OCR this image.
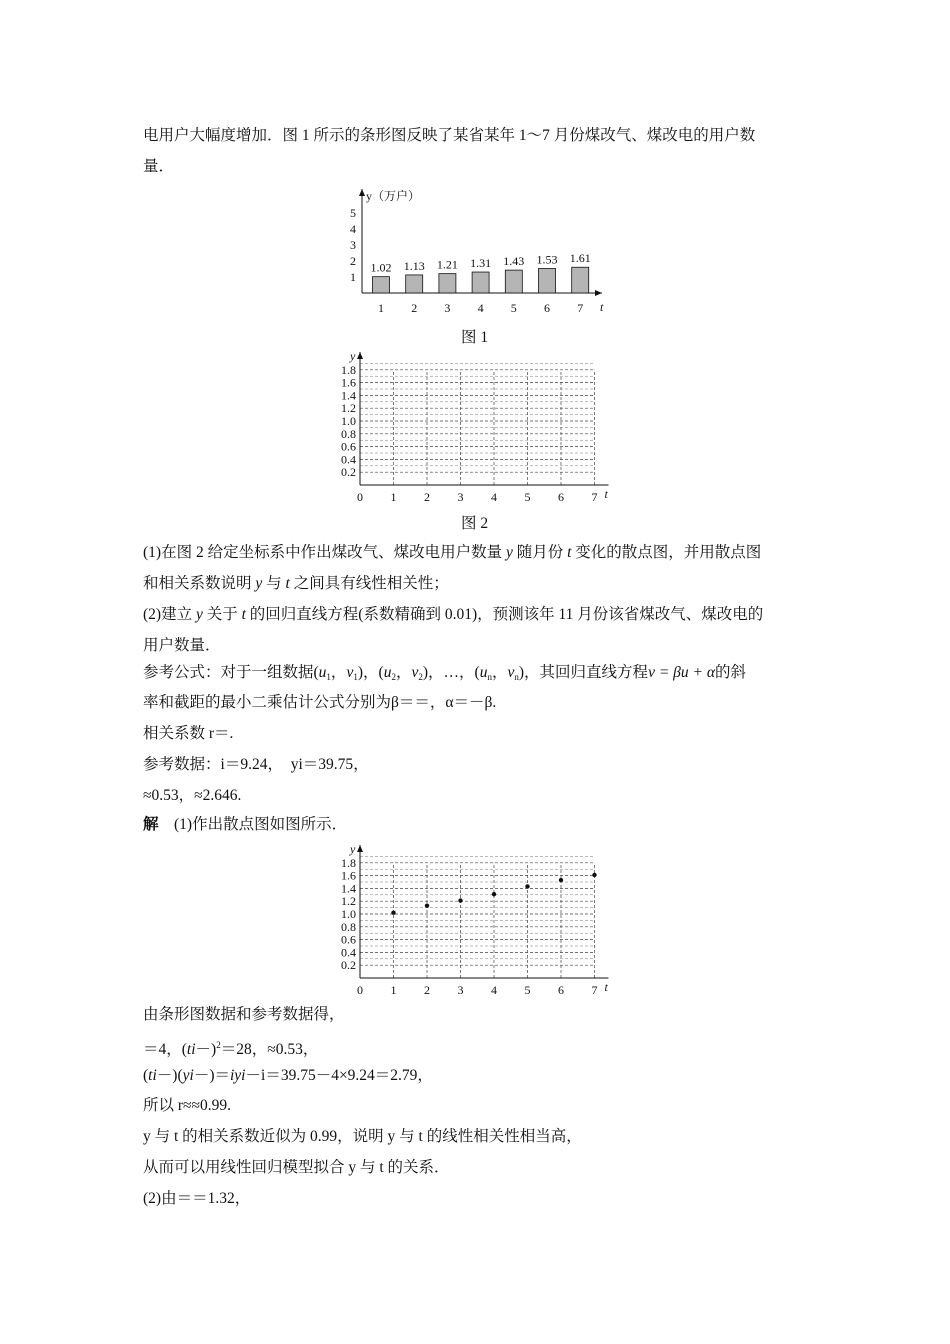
电用户大幅度增加．图 1 所示的条形图反映了某省某年 1～7 月份煤改气、煤改电的用户数
量．
y（万户）
t
1
2
3
4
5
1.02
1
1.13
2
1.21
3
1.31
4
1.43
5
1.53
6
1.61
7
图 1
0.2
0.4
0.6
0.8
1.0
1.2
1.4
1.6
1.8
1 2 3 4 5 6 7
0
y
t
图 2
(1)在图 2 给定坐标系中作出煤改气、煤改电用户数量 y 随月份 t 变化的散点图，并用散点图
和相关系数说明 y 与 t 之间具有线性相关性；
(2)建立 y 关于 t 的回归直线方程(系数精确到 0.01)，预测该年 11 月份该省煤改气、煤改电的
用户数量．
参考公式：对于一组数据($u_1$，$v_1$)，($u_2$，$v_2$)，…，($u_n$，$v_n$)，其回归直线方程v = βu + α的斜
率和截距的最小二乘估计公式分别为β＝＝，α＝－β.
相关系数 r＝.
参考数据：i＝9.24，　 yi＝39.75，
≈0.53，≈2.646.
解　(1)作出散点图如图所示．
0.2
0.4
0.6
0.8
1.0
1.2
1.4
1.6
1.8
1 2 3 4 5 6 7
0
y
t
由条形图数据和参考数据得，
＝4，$(ti-)^2=28$，≈0.53，
(ti－)(yi－)＝iyi－i＝39.75－4×9.24＝2.79，
所以 r≈≈0.99.
y 与 t 的相关系数近似为 0.99，说明 y 与 t 的线性相关性相当高，
从而可以用线性回归模型拟合 y 与 t 的关系．
(2)由＝＝1.32，
